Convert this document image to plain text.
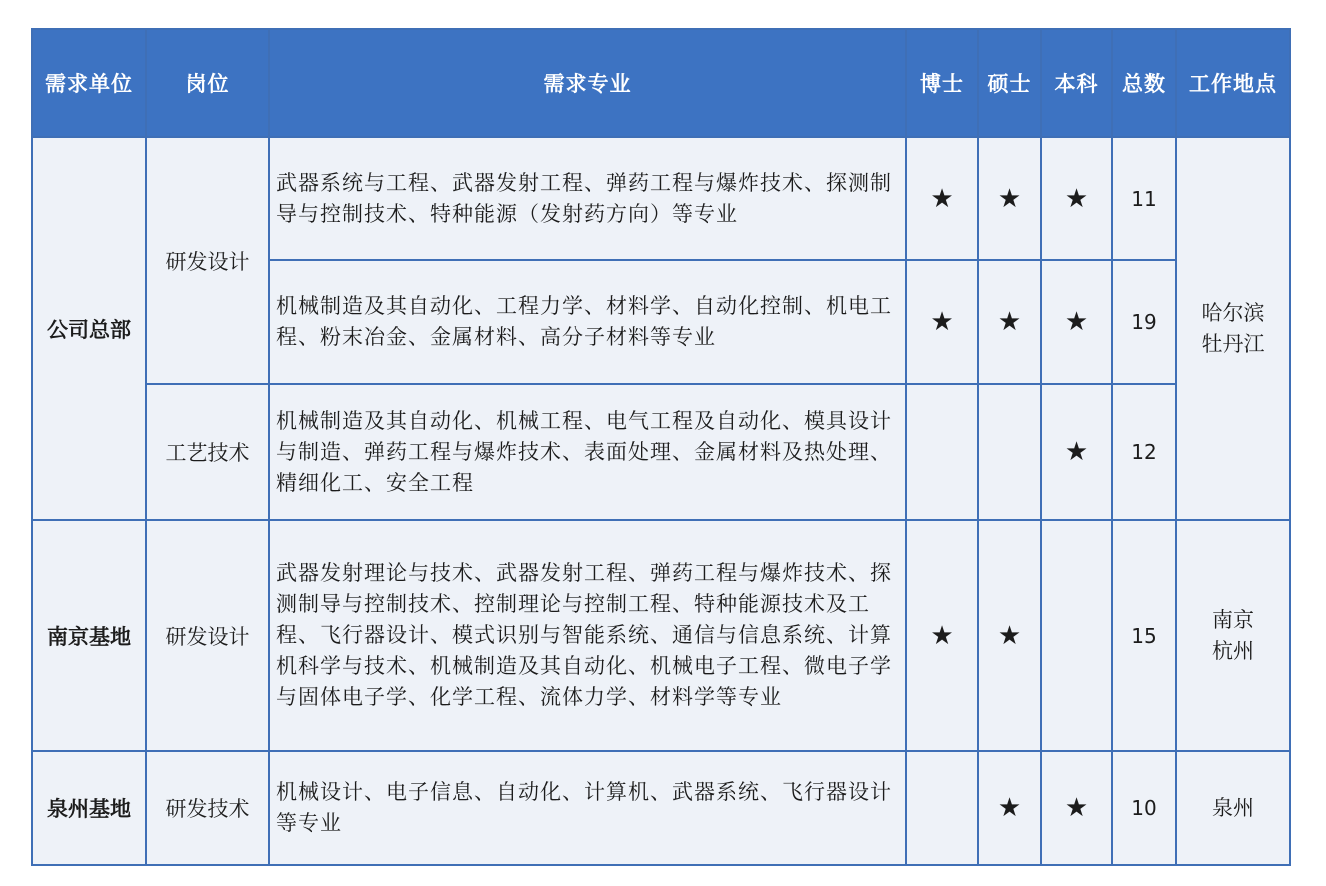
需求单位	岗位	需求专业	博士	硕士	本科	总数	工作地点
公司总部	研发设计	武器系统与工程、武器发射工程、弹药工程与爆炸技术、探测制导与控制技术、特种能源（发射药方向）等专业	★	★	★	11	哈尔滨
牡丹江
		机械制造及其自动化、工程力学、材料学、自动化控制、机电工程、粉末冶金、金属材料、高分子材料等专业	★	★	★	19	
	工艺技术	机械制造及其自动化、机械工程、电气工程及自动化、模具设计与制造、弹药工程与爆炸技术、表面处理、金属材料及热处理、精细化工、安全工程			★	12	
南京基地	研发设计	武器发射理论与技术、武器发射工程、弹药工程与爆炸技术、探测制导与控制技术、控制理论与控制工程、特种能源技术及工程、飞行器设计、模式识别与智能系统、通信与信息系统、计算机科学与技术、机械制造及其自动化、机械电子工程、微电子学与固体电子学、化学工程、流体力学、材料学等专业	★	★		15	南京
杭州
泉州基地	研发技术	机械设计、电子信息、自动化、计算机、武器系统、飞行器设计等专业		★	★	10	泉州
